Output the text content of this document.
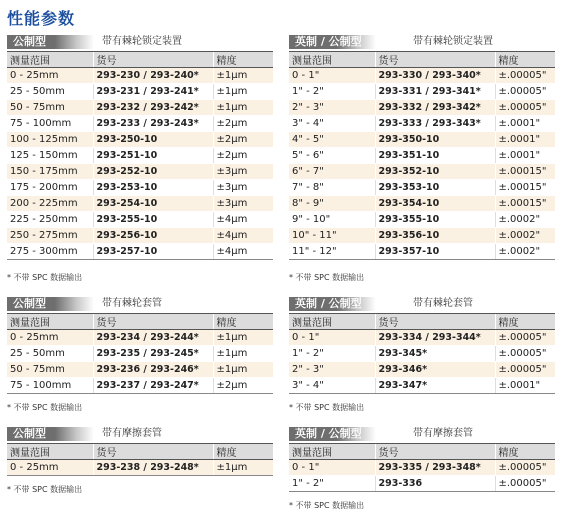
性能参数
公制型	带有棘轮锁定装置
测量范围	货号	精度
0 - 25mm	293-230 / 293-240*	±1μm
25 - 50mm	293-231 / 293-241*	±1μm
50 - 75mm	293-232 / 293-242*	±1μm
75 - 100mm	293-233 / 293-243*	±2μm
100 - 125mm	293-250-10	±2μm
125 - 150mm	293-251-10	±2μm
150 - 175mm	293-252-10	±3μm
175 - 200mm	293-253-10	±3μm
200 - 225mm	293-254-10	±3μm
225 - 250mm	293-255-10	±4μm
250 - 275mm	293-256-10	±4μm
275 - 300mm	293-257-10	±4μm
* 不带 SPC 数据输出
英制 / 公制型	带有棘轮锁定装置
测量范围	货号	精度
0 - 1"	293-330 / 293-340*	±.00005"
1" - 2"	293-331 / 293-341*	±.00005"
2" - 3"	293-332 / 293-342*	±.00005"
3" - 4"	293-333 / 293-343*	±.0001"
4" - 5"	293-350-10	±.0001"
5" - 6"	293-351-10	±.0001"
6" - 7"	293-352-10	±.00015"
7" - 8"	293-353-10	±.00015"
8" - 9"	293-354-10	±.00015"
9" - 10"	293-355-10	±.0002"
10" - 11"	293-356-10	±.0002"
11" - 12"	293-357-10	±.0002"
* 不带 SPC 数据输出
公制型	带有棘轮套管
测量范围	货号	精度
0 - 25mm	293-234 / 293-244*	±1μm
25 - 50mm	293-235 / 293-245*	±1μm
50 - 75mm	293-236 / 293-246*	±1μm
75 - 100mm	293-237 / 293-247*	±2μm
* 不带 SPC 数据输出
英制 / 公制型	带有棘轮套管
测量范围	货号	精度
0 - 1"	293-334 / 293-344*	±.00005"
1" - 2"	293-345*	±.00005"
2" - 3"	293-346*	±.00005"
3" - 4"	293-347*	±.0001"
* 不带 SPC 数据输出
公制型	带有摩擦套管
测量范围	货号	精度
0 - 25mm	293-238 / 293-248*	±1μm
* 不带 SPC 数据输出
英制 / 公制型	带有摩擦套管
测量范围	货号	精度
0 - 1"	293-335 / 293-348*	±.00005"
1" - 2"	293-336	±.00005"
* 不带 SPC 数据输出
